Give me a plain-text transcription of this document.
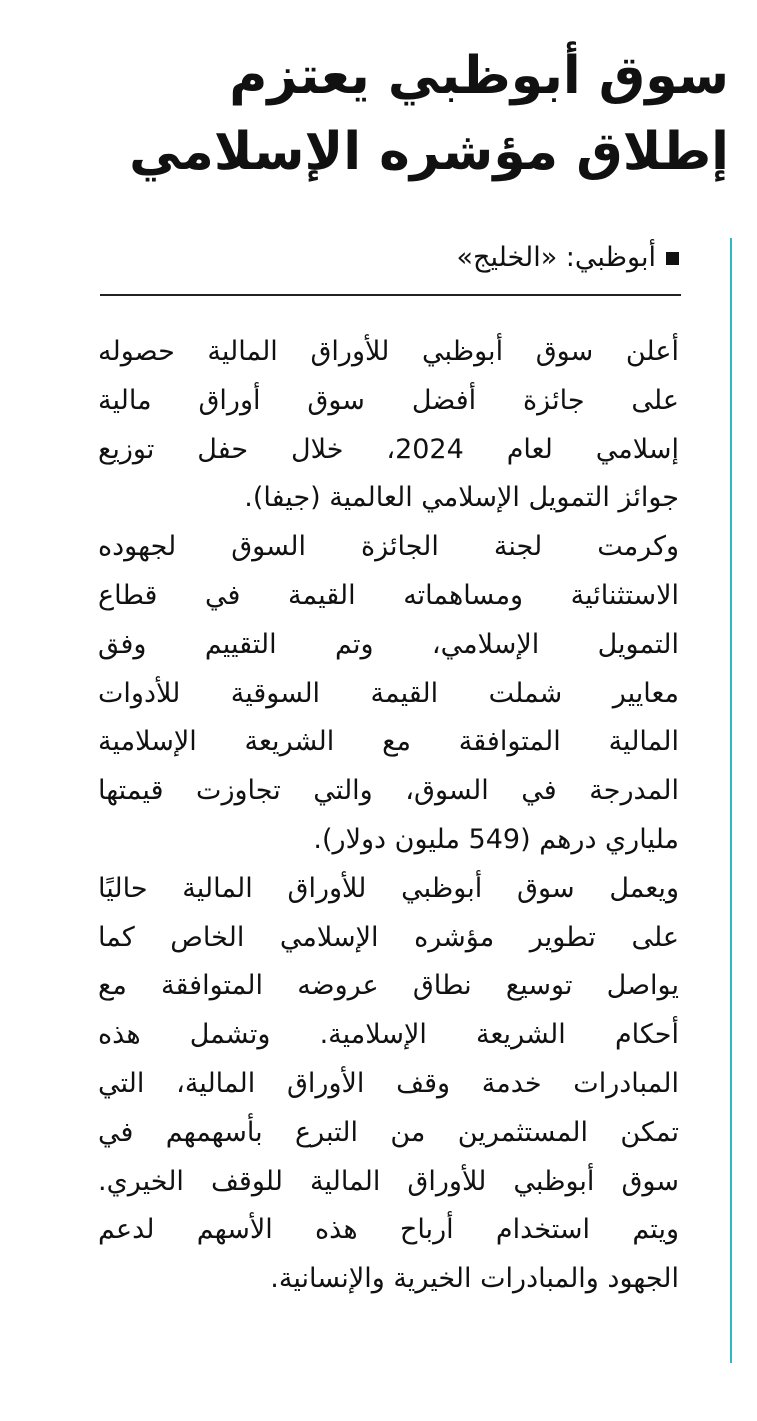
سوق أبوظبي يعتزم
إطلاق مؤشره الإسلامي
أبوظبي: «الخليج»
أعلن سوق أبوظبي للأوراق المالية حصوله
على جائزة أفضل سوق أوراق مالية
إسلامي لعام 2024، خلال حفل توزيع
جوائز التمويل الإسلامي العالمية (جيفا).
وكرمت لجنة الجائزة السوق لجهوده
الاستثنائية ومساهماته القيمة في قطاع
التمويل الإسلامي، وتم التقييم وفق
معايير شملت القيمة السوقية للأدوات
المالية المتوافقة مع الشريعة الإسلامية
المدرجة في السوق، والتي تجاوزت قيمتها
ملياري درهم (549 مليون دولار).
ويعمل سوق أبوظبي للأوراق المالية حاليًا
على تطوير مؤشره الإسلامي الخاص كما
يواصل توسيع نطاق عروضه المتوافقة مع
أحكام الشريعة الإسلامية. وتشمل هذه
المبادرات خدمة وقف الأوراق المالية، التي
تمكن المستثمرين من التبرع بأسهمهم في
سوق أبوظبي للأوراق المالية للوقف الخيري.
ويتم استخدام أرباح هذه الأسهم لدعم
الجهود والمبادرات الخيرية والإنسانية.
